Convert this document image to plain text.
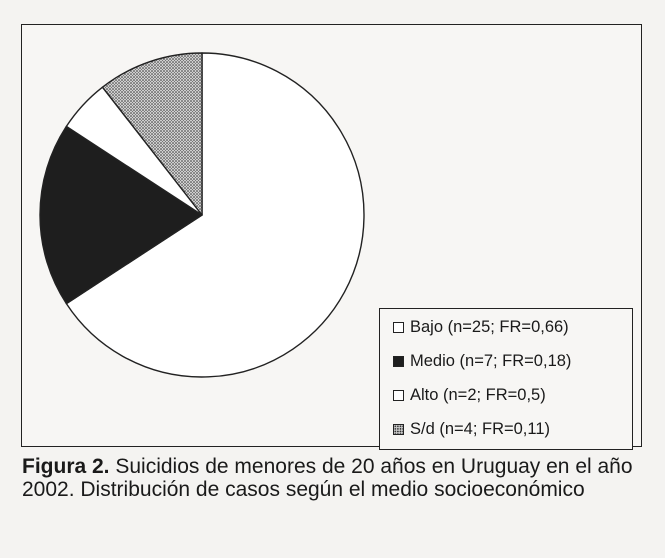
Bajo (n=25; FR=0,66)
Medio (n=7; FR=0,18)
Alto (n=2; FR=0,5)
S/d (n=4; FR=0,11)
Figura 2. Suicidios de menores de 20 años en Uruguay en el año 2002. Distribución de casos según el medio socioeconómico
